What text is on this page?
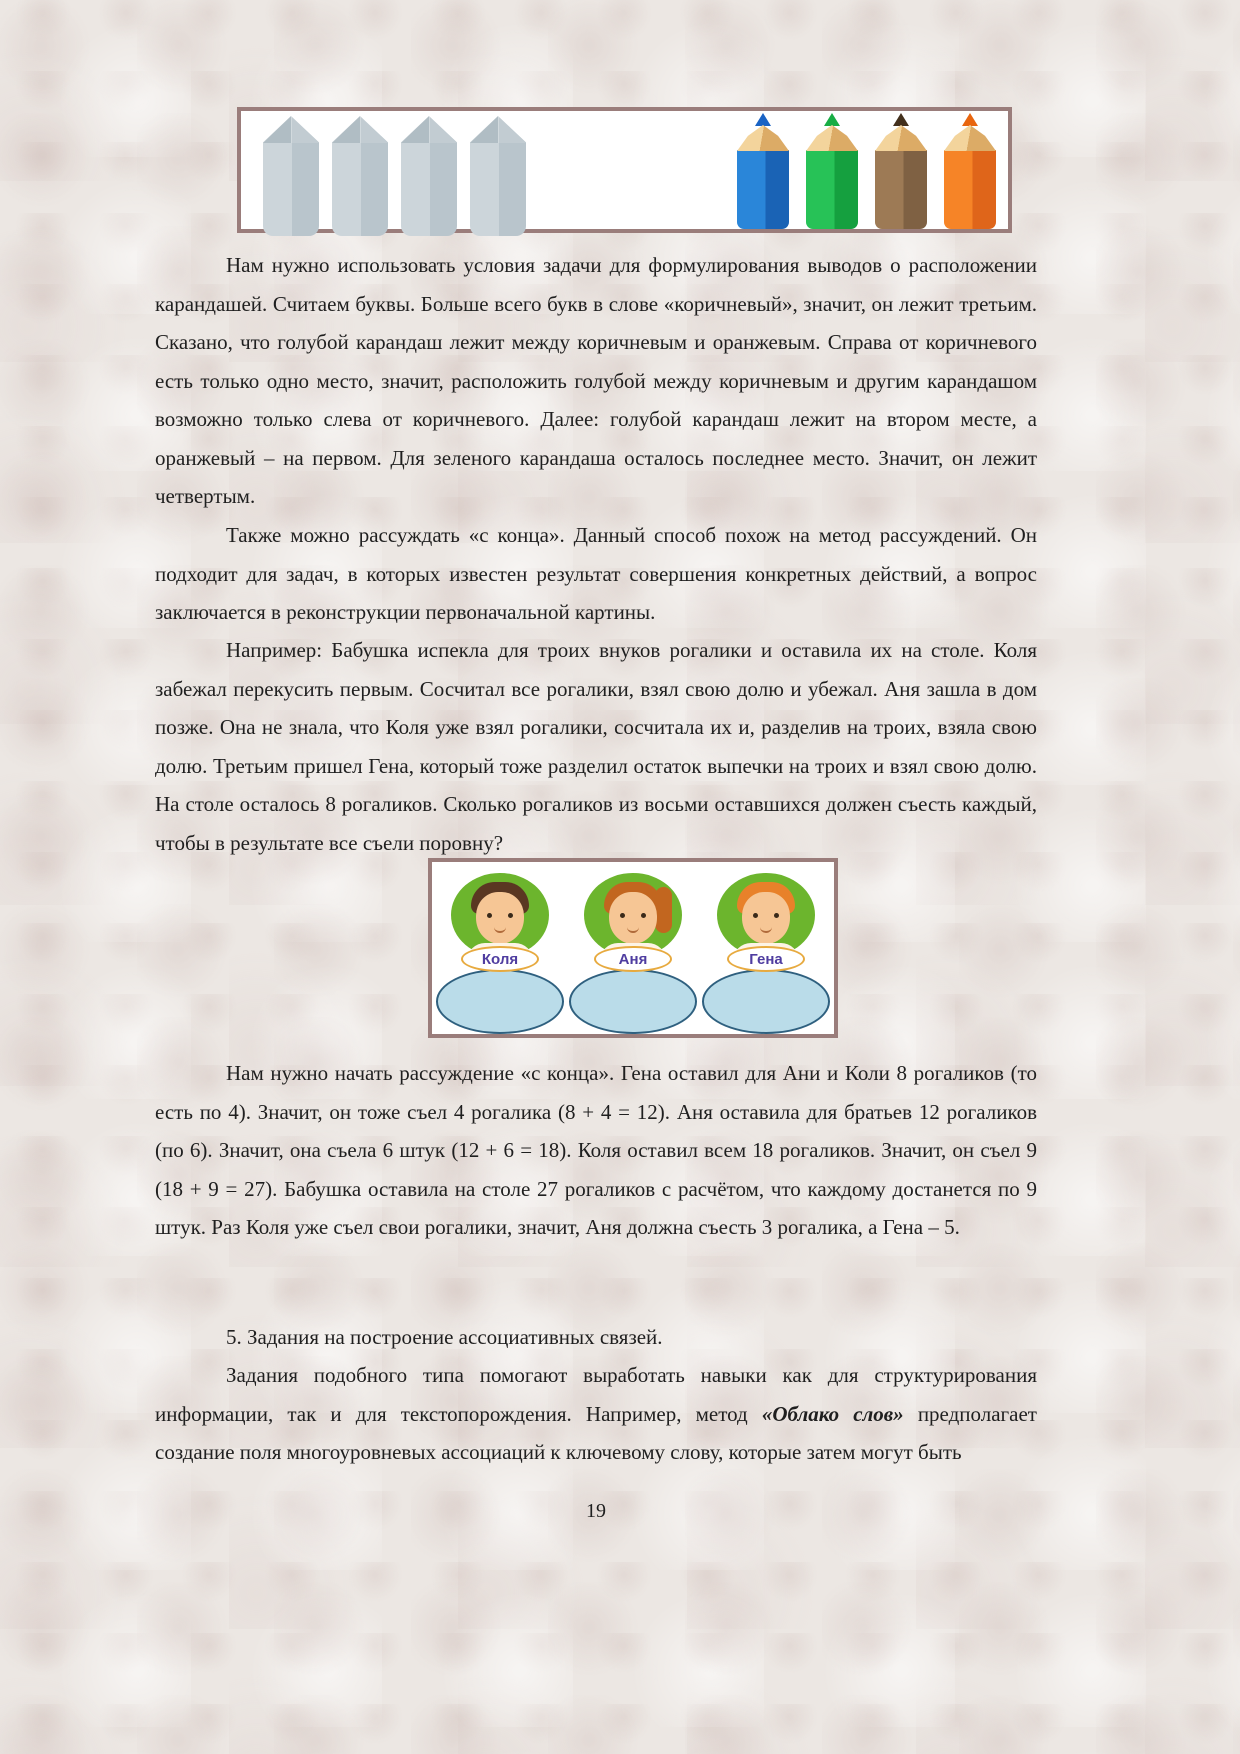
Нам нужно использовать условия задачи для формулирования выводов о расположении карандашей. Считаем буквы. Больше всего букв в слове «коричневый», значит, он лежит третьим. Сказано, что голубой карандаш лежит между коричневым и оранжевым. Справа от коричневого есть только одно место, значит, расположить голубой между коричневым и другим карандашом возможно только слева от коричневого. Далее: голубой карандаш лежит на втором месте, а оранжевый – на первом. Для зеленого карандаша осталось последнее место. Значит, он лежит четвертым.

Также можно рассуждать «с конца». Данный способ похож на метод рассуждений. Он подходит для задач, в которых известен результат совершения конкретных действий, а вопрос заключается в реконструкции первоначальной картины.

Например: Бабушка испекла для троих внуков рогалики и оставила их на столе. Коля забежал перекусить первым. Сосчитал все рогалики, взял свою долю и убежал. Аня зашла в дом позже. Она не знала, что Коля уже взял рогалики, сосчитала их и, разделив на троих, взяла свою долю. Третьим пришел Гена, который тоже разделил остаток выпечки на троих и взял свою долю. На столе осталось 8 рогаликов. Сколько рогаликов из восьми оставшихся должен съесть каждый, чтобы в результате все съели поровну?

Коля	Аня	Гена

Нам нужно начать рассуждение «с конца». Гена оставил для Ани и Коли 8 рогаликов (то есть по 4). Значит, он тоже съел 4 рогалика (8 + 4 = 12). Аня оставила для братьев 12 рогаликов (по 6). Значит, она съела 6 штук (12 + 6 = 18). Коля оставил всем 18 рогаликов. Значит, он съел 9 (18 + 9 = 27). Бабушка оставила на столе 27 рогаликов с расчётом, что каждому достанется по 9 штук. Раз Коля уже съел свои рогалики, значит, Аня должна съесть 3 рогалика, а Гена – 5.

5. Задания на построение ассоциативных связей.

Задания подобного типа помогают выработать навыки как для структурирования информации, так и для текстопорождения. Например, метод «Облако слов» предполагает создание поля многоуровневых ассоциаций к ключевому слову, которые затем могут быть

19
